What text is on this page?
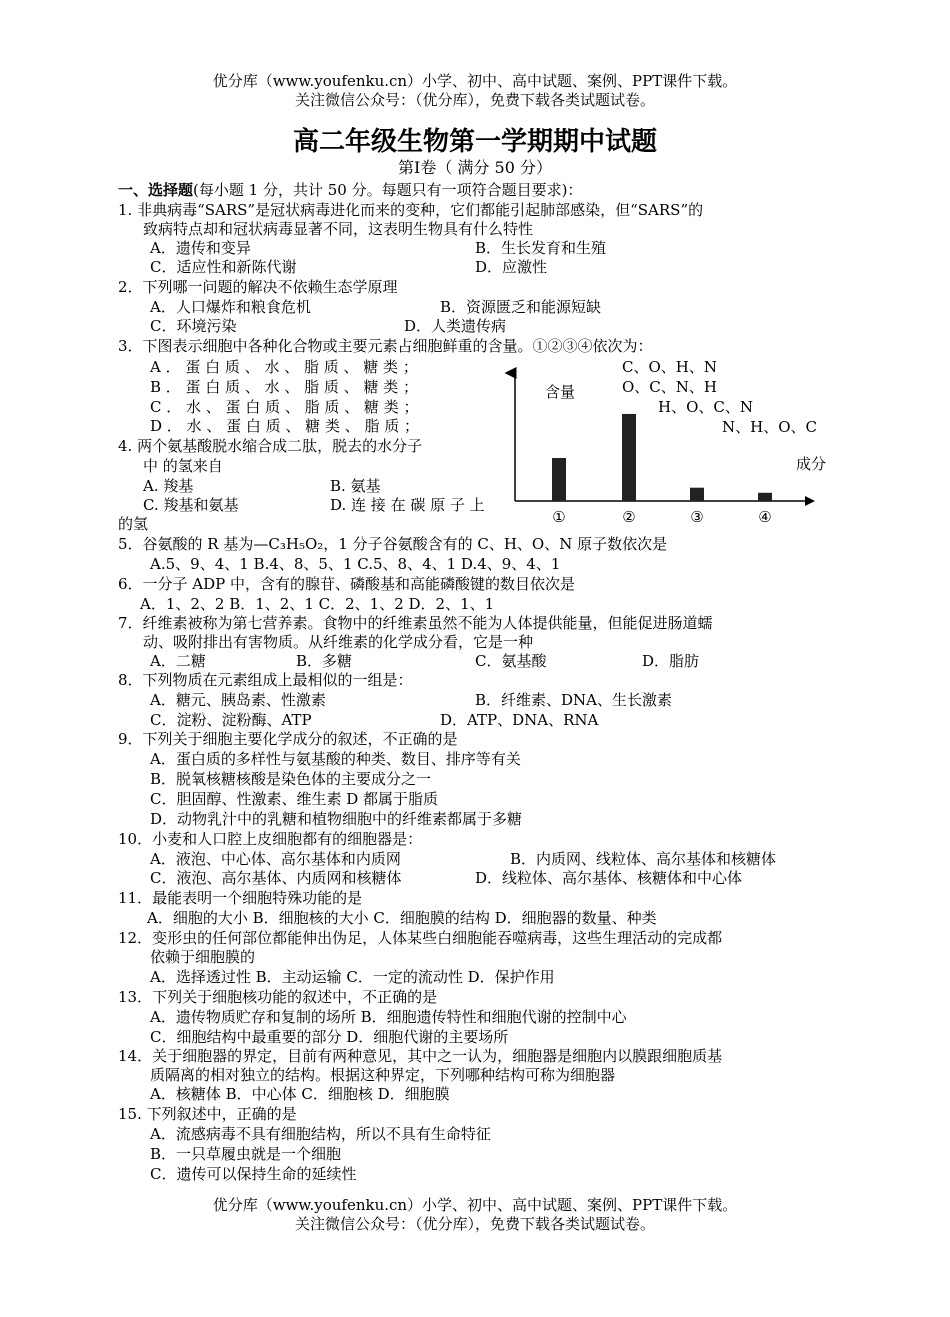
优分库（www.youfenku.cn）小学、初中、高中试题、案例、PPT课件下载。
关注微信公众号：（优分库），免费下载各类试题试卷。
高二年级生物第一学期期中试题
第Ⅰ卷（ 满分 50 分）
一、选择题(每小题 1 分，共计 50 分。每题只有一项符合题目要求)：
1. 非典病毒“SARS”是冠状病毒进化而来的变种，它们都能引起肺部感染，但“SARS”的
致病特点却和冠状病毒显著不同，这表明生物具有什么特性
A．遗传和变异	B．生长发育和生殖
C．适应性和新陈代谢	D．应激性
2．下列哪一问题的解决不依赖生态学原理
A．人口爆炸和粮食危机	B．资源匮乏和能源短缺
C．环境污染	D．人类遗传病
3．下图表示细胞中各种化合物或主要元素占细胞鲜重的含量。①②③④依次为：
A ． 蛋 白 质 、 水 、 脂 质 、 糖 类 ；
B ． 蛋 白 质 、 水 、 脂 质 、 糖 类 ；
C ． 水 、 蛋 白 质 、 脂 质 、 糖 类 ；
D ． 水 、 蛋 白 质 、 糖 类 、 脂 质 ；
C、O、H、N
O、C、N、H
H、O、C、N
N、H、O、C
4. 两个氨基酸脱水缩合成二肽，脱去的水分子
中 的氢来自
A. 羧基	B. 氨基
C. 羧基和氨基	D. 连 接 在 碳 原 子 上
的氢
含量
成分
①	②	③	④
5．谷氨酸的 R 基为—C₃H₅O₂，1 分子谷氨酸含有的 C、H、O、N 原子数依次是
A.5、9、4、1 B.4、8、5、1 C.5、8、4、1 D.4、9、4、1
6．一分子 ADP 中，含有的腺苷、磷酸基和高能磷酸键的数目依次是
A．1、2、2 B．1、2、1 C．2、1、2 D．2、1、1
7．纤维素被称为第七营养素。食物中的纤维素虽然不能为人体提供能量，但能促进肠道蠕
动、吸附排出有害物质。从纤维素的化学成分看，它是一种
A．二糖	B．多糖	C．氨基酸	D．脂肪
8．下列物质在元素组成上最相似的一组是：
A．糖元、胰岛素、性激素	B．纤维素、DNA、生长激素
C．淀粉、淀粉酶、ATP	D．ATP、DNA、RNA
9．下列关于细胞主要化学成分的叙述，不正确的是
A．蛋白质的多样性与氨基酸的种类、数目、排序等有关
B．脱氧核糖核酸是染色体的主要成分之一
C．胆固醇、性激素、维生素 D 都属于脂质
D．动物乳汁中的乳糖和植物细胞中的纤维素都属于多糖
10．小麦和人口腔上皮细胞都有的细胞器是：
A．液泡、中心体、高尔基体和内质网	B．内质网、线粒体、高尔基体和核糖体
C．液泡、高尔基体、内质网和核糖体	D．线粒体、高尔基体、核糖体和中心体
11．最能表明一个细胞特殊功能的是
A．细胞的大小 B．细胞核的大小 C．细胞膜的结构 D．细胞器的数量、种类
12．变形虫的任何部位都能伸出伪足，人体某些白细胞能吞噬病毒，这些生理活动的完成都
依赖于细胞膜的
A．选择透过性 B．主动运输 C．一定的流动性 D．保护作用
13．下列关于细胞核功能的叙述中，不正确的是
A．遗传物质贮存和复制的场所 B．细胞遗传特性和细胞代谢的控制中心
C．细胞结构中最重要的部分 D．细胞代谢的主要场所
14．关于细胞器的界定，目前有两种意见，其中之一认为，细胞器是细胞内以膜跟细胞质基
质隔离的相对独立的结构。根据这种界定，下列哪种结构可称为细胞器
A．核糖体 B．中心体 C．细胞核 D．细胞膜
15. 下列叙述中，正确的是
A．流感病毒不具有细胞结构，所以不具有生命特征
B．一只草履虫就是一个细胞
C．遗传可以保持生命的延续性
优分库（www.youfenku.cn）小学、初中、高中试题、案例、PPT课件下载。
关注微信公众号：（优分库），免费下载各类试题试卷。
